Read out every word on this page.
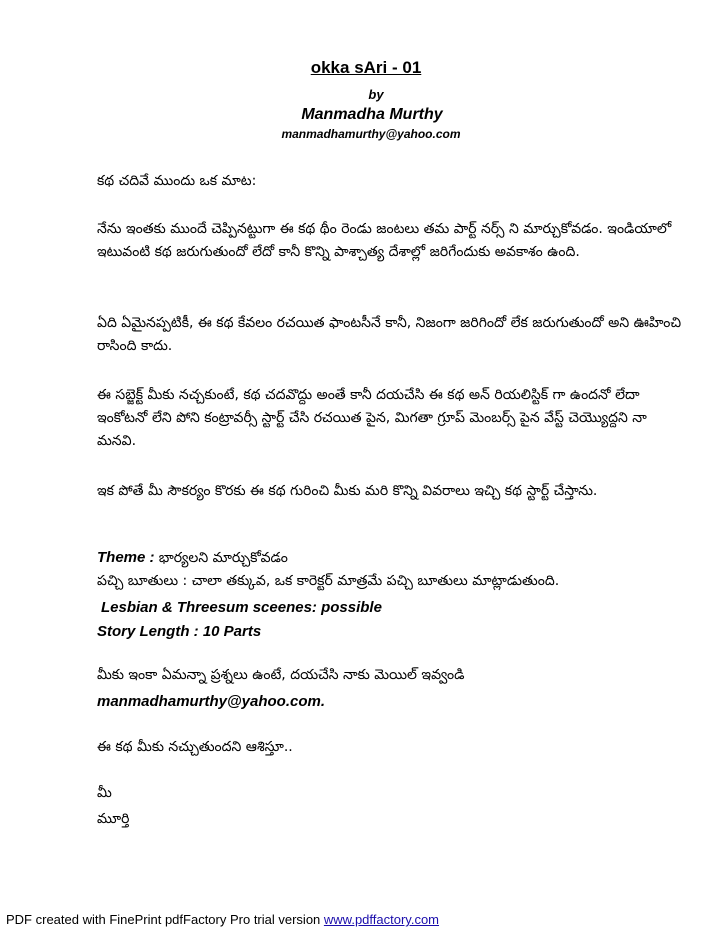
okka sAri - 01
by
Manmadha Murthy
manmadhamurthy@yahoo.com
కథ చదివే ముందు ఒక మాట:
నేను ఇంతకు ముందే చెప్పినట్టుగా ఈ కథ థీం రెండు జంటలు తమ పార్ట్ నర్స్ ని మార్చుకోవడం. ఇండియాలో ఇటువంటి కథ జరుగుతుందో లేదో కానీ కొన్ని పాశ్చాత్య దేశాల్లో జరిగేందుకు అవకాశం ఉంది.
ఏది ఏమైనప్పటికీ, ఈ కథ కేవలం రచయిత ఫాంటసీనే కానీ, నిజంగా జరిగిందో లేక జరుగుతుందో అని ఊహించి రాసింది కాదు.
ఈ సబ్జెక్ట్ మీకు నచ్చకుంటే, కథ చదవొద్దు అంతే కానీ దయచేసి ఈ కథ అన్ రియలిస్టిక్ గా ఉందనో లేదా ఇంకోటనో లేని పోని కంట్రావర్సీ స్టార్ట్ చేసి రచయిత పైన, మిగతా గ్రూప్ మెంబర్స్ పైన వేస్ట్ చెయ్యొద్దని నా మనవి.
ఇక పోతే మీ సౌకర్యం కొరకు ఈ కథ గురించి మీకు మరి కొన్ని వివరాలు ఇచ్చి కథ స్టార్ట్ చేస్తాను.
Theme : భార్యలని మార్చుకోవడం
పచ్చి బూతులు : చాలా తక్కువ, ఒక కారెక్టర్ మాత్రమే పచ్చి బూతులు మాట్లాడుతుంది.
Lesbian & Threesum sceenes: possible
Story Length : 10 Parts
మీకు ఇంకా ఏమన్నా ప్రశ్నలు ఉంటే, దయచేసి నాకు మెయిల్ ఇవ్వండి
manmadhamurthy@yahoo.com.
ఈ కథ మీకు నచ్చుతుందని ఆశిస్తూ..
మీ
మూర్తి
PDF created with FinePrint pdfFactory Pro trial version www.pdffactory.com
